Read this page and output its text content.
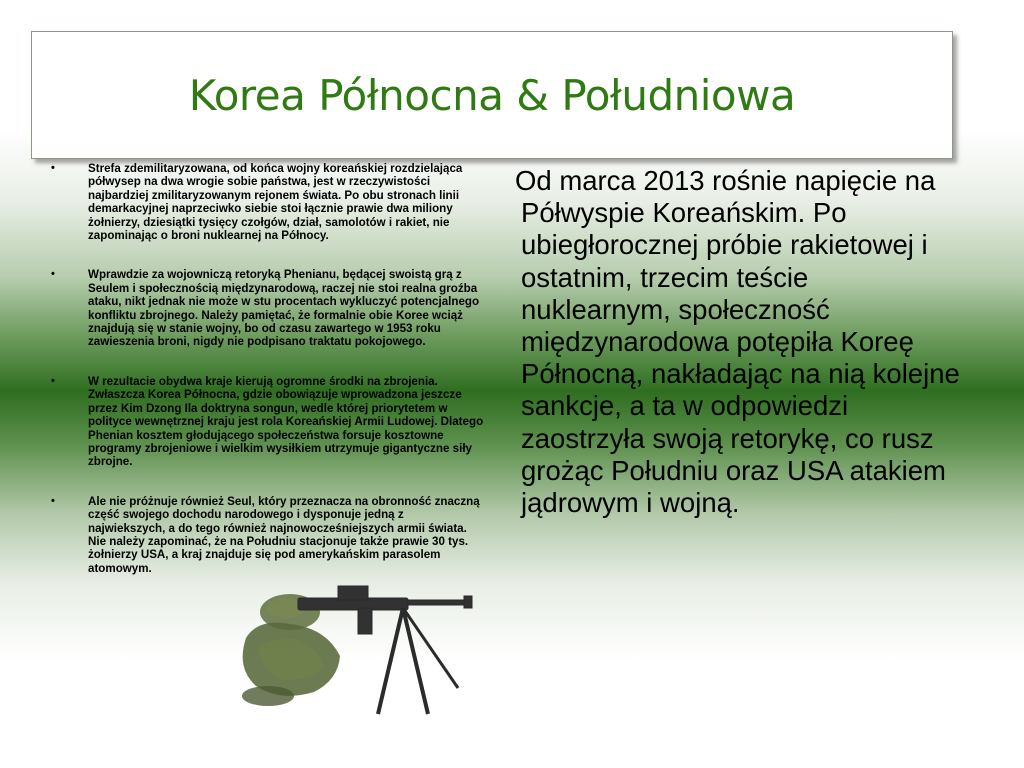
Korea Północna & Południowa
•	Strefa zdemilitaryzowana, od końca wojny koreańskiej rozdzielająca półwysep na dwa wrogie sobie państwa, jest w rzeczywistości najbardziej zmilitaryzowanym rejonem świata. Po obu stronach linii demarkacyjnej naprzeciwko siebie stoi łącznie prawie dwa miliony żołnierzy, dziesiątki tysięcy czołgów, dział, samolotów i rakiet, nie zapominając o broni nuklearnej na Północy.
•	Wprawdzie za wojowniczą retoryką Phenianu, będącej swoistą grą z Seulem i społecznością międzynarodową, raczej nie stoi realna groźba ataku, nikt jednak nie może w stu procentach wykluczyć potencjalnego konfliktu zbrojnego. Należy pamiętać, że formalnie obie Koree wciąż znajdują się w stanie wojny, bo od czasu zawartego w 1953 roku zawieszenia broni, nigdy nie podpisano traktatu pokojowego.
•	W rezultacie obydwa kraje kierują ogromne środki na zbrojenia. Zwłaszcza Korea Północna, gdzie obowiązuje wprowadzona jeszcze przez Kim Dzong Ila doktryna songun, wedle której priorytetem w polityce wewnętrznej kraju jest rola Koreańskiej Armii Ludowej. Dlatego Phenian kosztem głodującego społeczeństwa forsuje kosztowne programy zbrojeniowe i wielkim wysiłkiem utrzymuje gigantyczne siły zbrojne.
•	Ale nie próżnuje również Seul, który przeznacza na obronność znaczną część swojego dochodu narodowego i dysponuje jedną z najwiekszych, a do tego również najnowocześniejszych armii świata. Nie należy zapominać, że na Południu stacjonuje także prawie 30 tys. żołnierzy USA, a kraj znajduje się pod amerykańskim parasolem atomowym.

Od marca 2013 rośnie napięcie na Półwyspie Koreańskim. Po ubiegłorocznej próbie rakietowej i ostatnim, trzecim teście nuklearnym, społeczność międzynarodowa potępiła Koreę Północną, nakładając na nią kolejne sankcje, a ta w odpowiedzi zaostrzyła swoją retorykę, co rusz grożąc Południu oraz USA atakiem jądrowym i wojną.
